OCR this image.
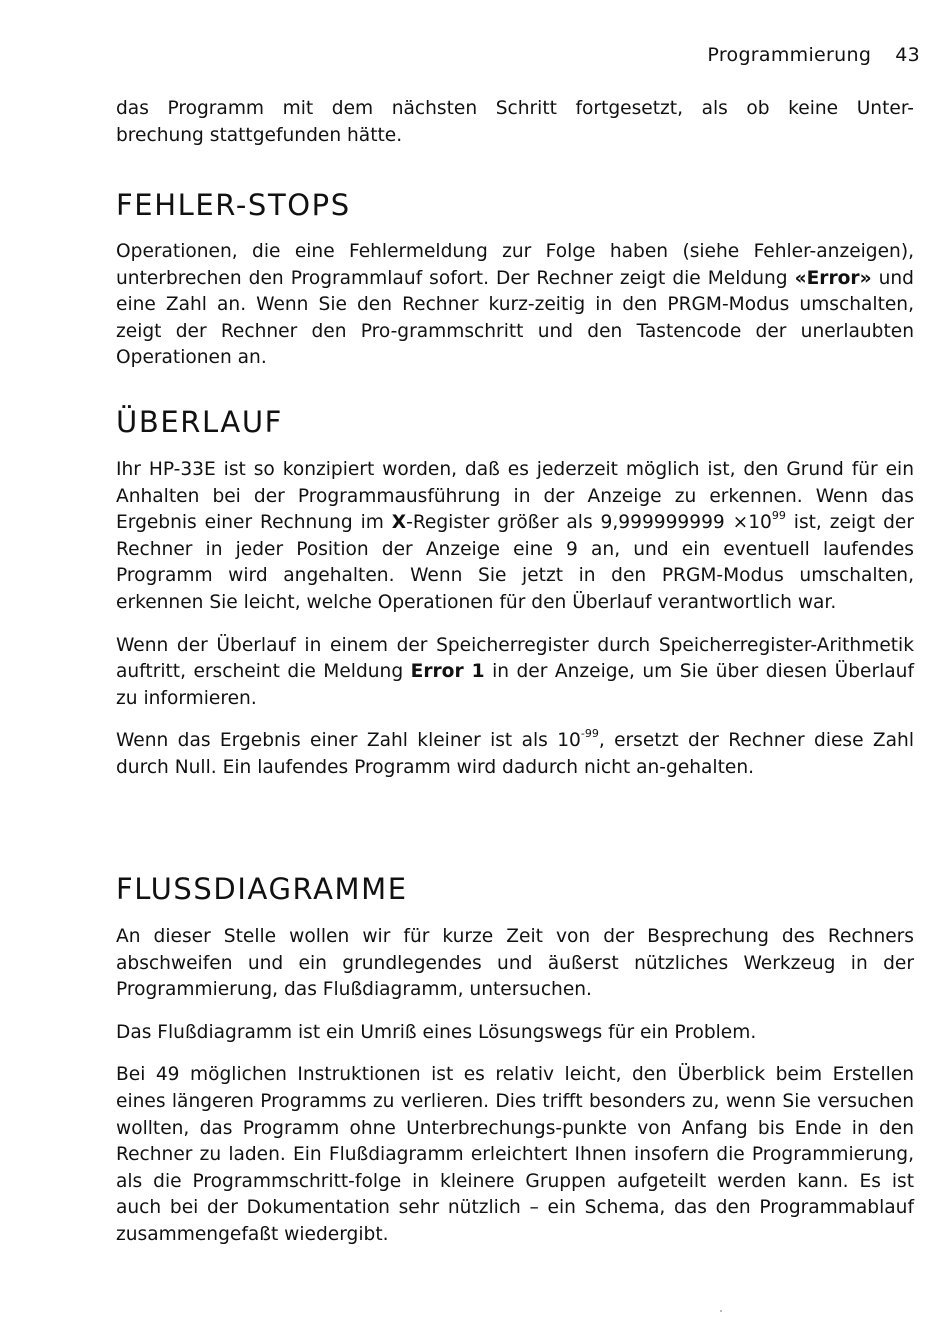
Programmierung 43

das Programm mit dem nächsten Schritt fortgesetzt, als ob keine Unter-

brechung stattgefunden hätte.

FEHLER-STOPS

Operationen, die eine Fehlermeldung zur Folge haben (siehe Fehler-anzeigen), unterbrechen den Programmlauf sofort. Der Rechner zeigt die Meldung «Error» und eine Zahl an. Wenn Sie den Rechner kurz-zeitig in den PRGM-Modus umschalten, zeigt der Rechner den Pro-grammschritt und den Tastencode der unerlaubten Operationen an.

ÜBERLAUF

Ihr HP-33E ist so konzipiert worden, daß es jederzeit möglich ist, den Grund für ein Anhalten bei der Programmausführung in der Anzeige zu erkennen. Wenn das Ergebnis einer Rechnung im X-Register größer als $9,999999999 \times 10^{99}$ ist, zeigt der Rechner in jeder Position der Anzeige eine 9 an, und ein eventuell laufendes Programm wird angehalten. Wenn Sie jetzt in den PRGM-Modus umschalten, erkennen Sie leicht, welche Operationen für den Überlauf verantwortlich war.

Wenn der Überlauf in einem der Speicherregister durch Speicherregister-Arithmetik auftritt, erscheint die Meldung Error 1 in der Anzeige, um Sie über diesen Überlauf zu informieren.

Wenn das Ergebnis einer Zahl kleiner ist als $10^{-99}$, ersetzt der Rechner diese Zahl durch Null. Ein laufendes Programm wird dadurch nicht an-gehalten.

FLUSSDIAGRAMME

An dieser Stelle wollen wir für kurze Zeit von der Besprechung des Rechners abschweifen und ein grundlegendes und äußerst nützliches Werkzeug in der Programmierung, das Flußdiagramm, untersuchen.

Das Flußdiagramm ist ein Umriß eines Lösungswegs für ein Problem.

Bei 49 möglichen Instruktionen ist es relativ leicht, den Überblick beim Erstellen eines längeren Programms zu verlieren. Dies trifft besonders zu, wenn Sie versuchen wollten, das Programm ohne Unterbrechungs-punkte von Anfang bis Ende in den Rechner zu laden. Ein Flußdiagramm erleichtert Ihnen insofern die Programmierung, als die Programmschritt-folge in kleinere Gruppen aufgeteilt werden kann. Es ist auch bei der Dokumentation sehr nützlich – ein Schema, das den Programmablauf zusammengefaßt wiedergibt.
